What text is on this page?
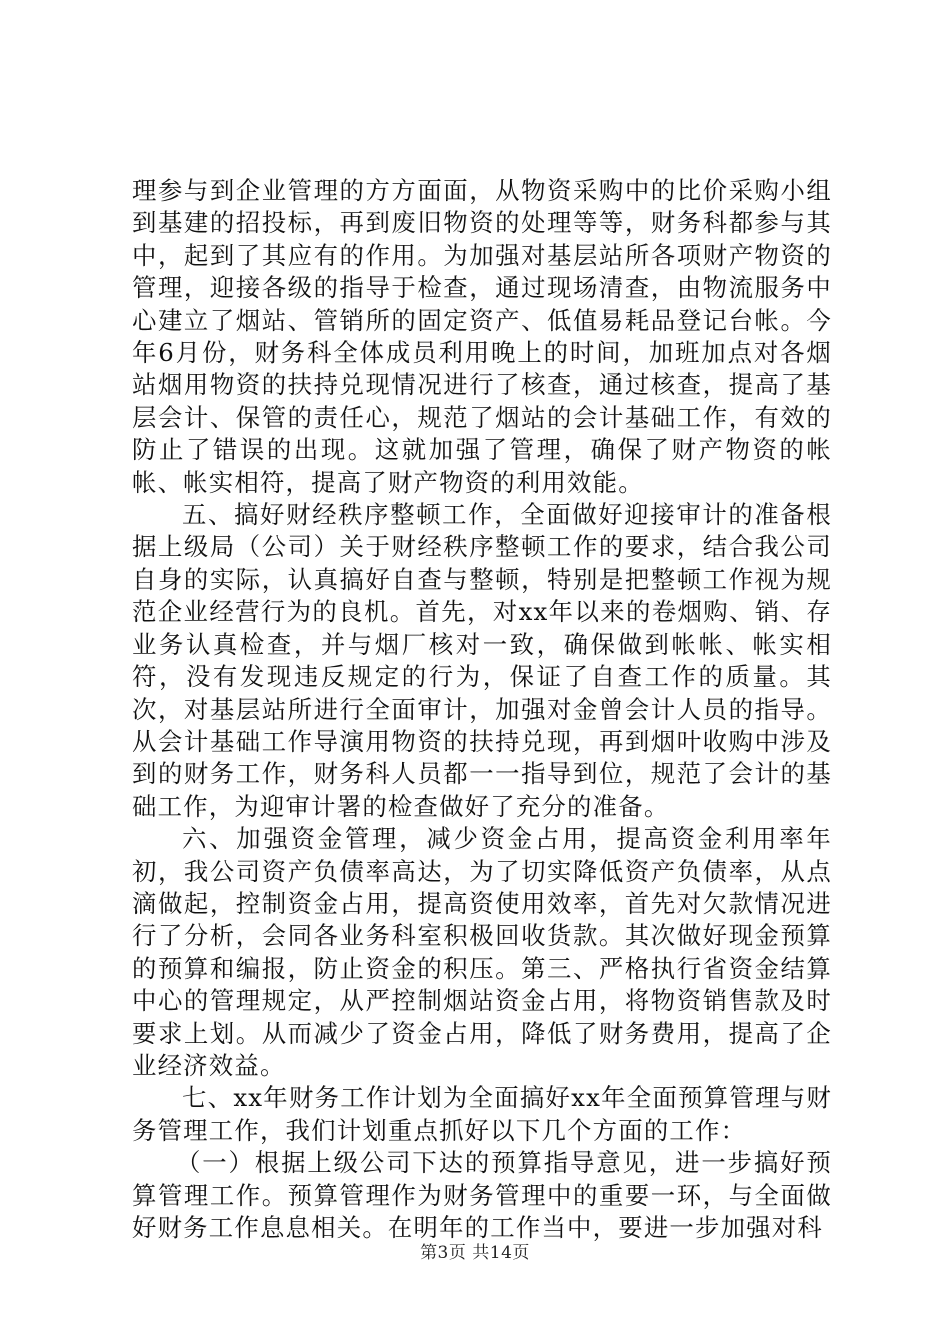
理参与到企业管理的方方面面，从物资采购中的比价采购小组到基建的招投标，再到废旧物资的处理等等，财务科都参与其中，起到了其应有的作用。为加强对基层站所各项财产物资的管理，迎接各级的指导于检查，通过现场清查，由物流服务中心建立了烟站、管销所的固定资产、低值易耗品登记台帐。今年6月份，财务科全体成员利用晚上的时间，加班加点对各烟站烟用物资的扶持兑现情况进行了核查，通过核查，提高了基层会计、保管的责任心，规范了烟站的会计基础工作，有效的防止了错误的出现。这就加强了管理，确保了财产物资的帐帐、帐实相符，提高了财产物资的利用效能。

五、搞好财经秩序整顿工作，全面做好迎接审计的准备根据上级局（公司）关于财经秩序整顿工作的要求，结合我公司自身的实际，认真搞好自查与整顿，特别是把整顿工作视为规范企业经营行为的良机。首先，对xx年以来的卷烟购、销、存业务认真检查，并与烟厂核对一致，确保做到帐帐、帐实相符，没有发现违反规定的行为，保证了自查工作的质量。其次，对基层站所进行全面审计，加强对金曾会计人员的指导。从会计基础工作导演用物资的扶持兑现，再到烟叶收购中涉及到的财务工作，财务科人员都一一指导到位，规范了会计的基础工作，为迎审计署的检查做好了充分的准备。

六、加强资金管理，减少资金占用，提高资金利用率年初，我公司资产负债率高达，为了切实降低资产负债率，从点滴做起，控制资金占用，提高资使用效率，首先对欠款情况进行了分析，会同各业务科室积极回收货款。其次做好现金预算的预算和编报，防止资金的积压。第三、严格执行省资金结算中心的管理规定，从严控制烟站资金占用，将物资销售款及时要求上划。从而减少了资金占用，降低了财务费用，提高了企业经济效益。

七、xx年财务工作计划为全面搞好xx年全面预算管理与财务管理工作，我们计划重点抓好以下几个方面的工作：

（一）根据上级公司下达的预算指导意见，进一步搞好预算管理工作。预算管理作为财务管理中的重要一环，与全面做好财务工作息息相关。在明年的工作当中，要进一步加强对科

第3页 共14页
